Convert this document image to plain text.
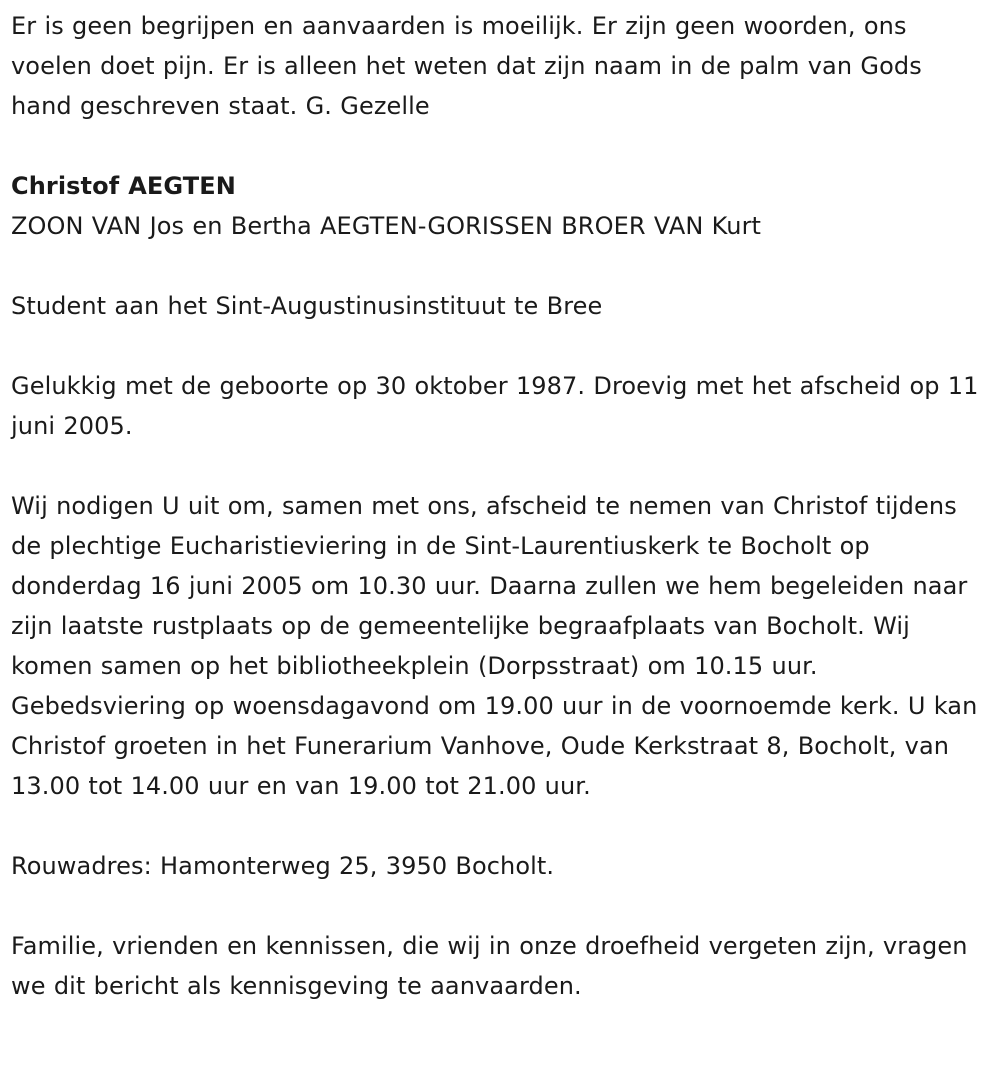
Er is geen begrijpen en aanvaarden is moeilijk. Er zijn geen woorden, ons voelen doet pijn. Er is alleen het weten dat zijn naam in de palm van Gods hand geschreven staat. G. Gezelle

Christof AEGTEN

ZOON VAN Jos en Bertha AEGTEN-GORISSEN BROER VAN Kurt

Student aan het Sint-Augustinusinstituut te Bree

Gelukkig met de geboorte op 30 oktober 1987. Droevig met het afscheid op 11 juni 2005.

Wij nodigen U uit om, samen met ons, afscheid te nemen van Christof tijdens de plechtige Eucharistieviering in de Sint-Laurentiuskerk te Bocholt op donderdag 16 juni 2005 om 10.30 uur. Daarna zullen we hem begeleiden naar zijn laatste rustplaats op de gemeentelijke begraafplaats van Bocholt. Wij komen samen op het bibliotheekplein (Dorpsstraat) om 10.15 uur. Gebedsviering op woensdagavond om 19.00 uur in de voornoemde kerk. U kan Christof groeten in het Funerarium Vanhove, Oude Kerkstraat 8, Bocholt, van 13.00 tot 14.00 uur en van 19.00 tot 21.00 uur.

Rouwadres: Hamonterweg 25, 3950 Bocholt.

Familie, vrienden en kennissen, die wij in onze droefheid vergeten zijn, vragen we dit bericht als kennisgeving te aanvaarden.
